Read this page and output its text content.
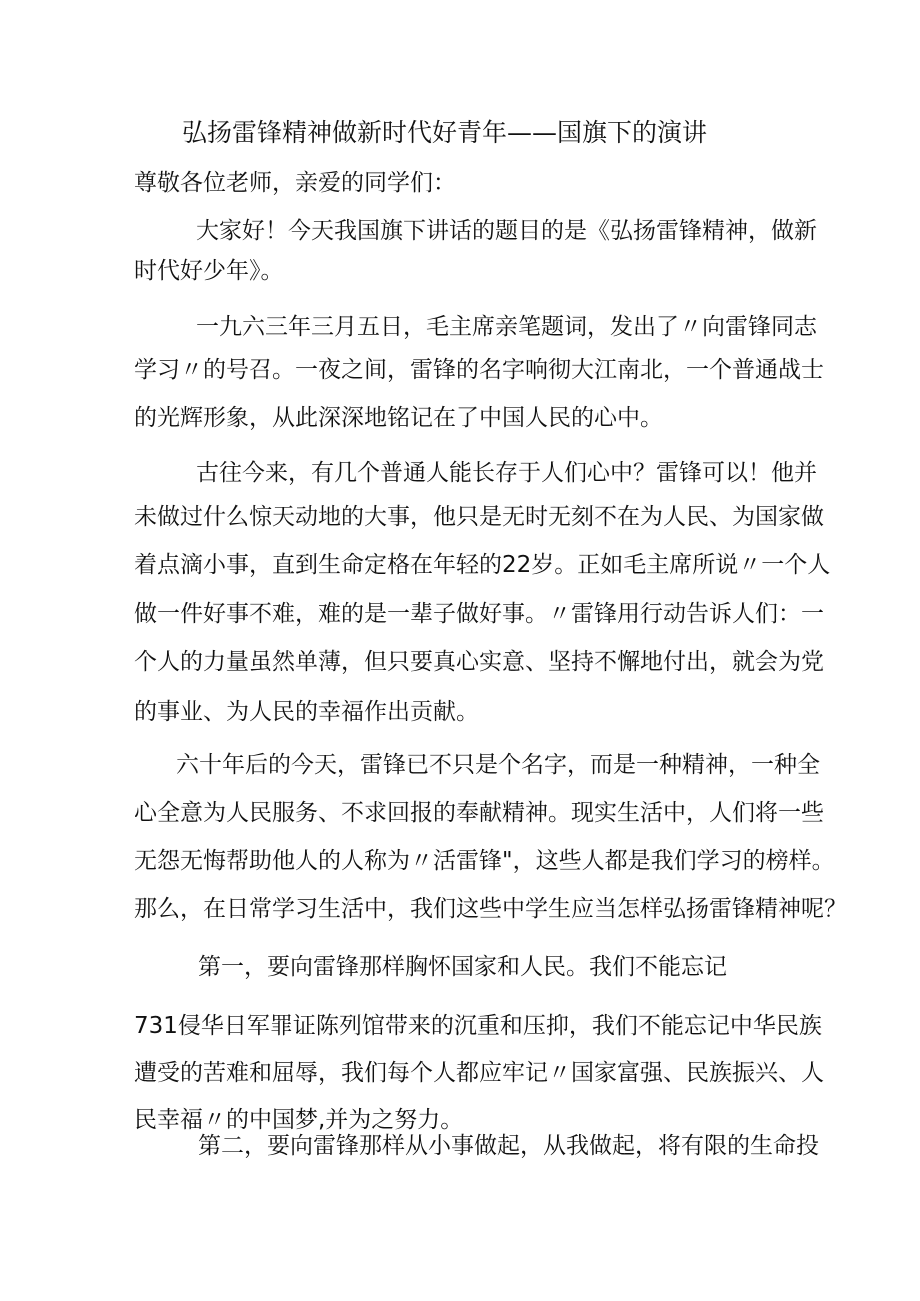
弘扬雷锋精神做新时代好青年——国旗下的演讲
尊敬各位老师，亲爱的同学们：
大家好！今天我国旗下讲话的题目的是《弘扬雷锋精神，做新
时代好少年》。
一九六三年三月五日，毛主席亲笔题词，发出了〃向雷锋同志
学习〃的号召。一夜之间，雷锋的名字响彻大江南北，一个普通战士
的光辉形象，从此深深地铭记在了中国人民的心中。
古往今来，有几个普通人能长存于人们心中？雷锋可以！他并
未做过什么惊天动地的大事，他只是无时无刻不在为人民、为国家做
着点滴小事，直到生命定格在年轻的22岁。正如毛主席所说〃一个人
做一件好事不难，难的是一辈子做好事。〃雷锋用行动告诉人们：一
个人的力量虽然单薄，但只要真心实意、坚持不懈地付出，就会为党
的事业、为人民的幸福作出贡献。
六十年后的今天，雷锋已不只是个名字，而是一种精神，一种全
心全意为人民服务、不求回报的奉献精神。现实生活中，人们将一些
无怨无悔帮助他人的人称为〃活雷锋"，这些人都是我们学习的榜样。
那么，在日常学习生活中，我们这些中学生应当怎样弘扬雷锋精神呢？
第一，要向雷锋那样胸怀国家和人民。我们不能忘记
731侵华日军罪证陈列馆带来的沉重和压抑，我们不能忘记中华民族
遭受的苦难和屈辱，我们每个人都应牢记〃国家富强、民族振兴、人
民幸福〃的中国梦,并为之努力。
第二，要向雷锋那样从小事做起，从我做起，将有限的生命投
